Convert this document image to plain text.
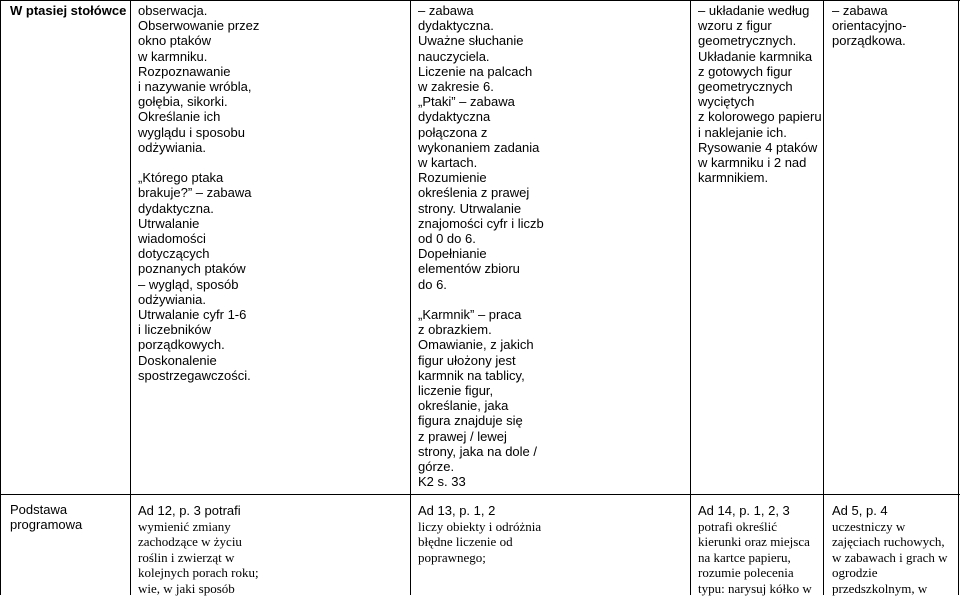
W ptasiej stołówce obserwacja.
Obserwowanie przez
okno ptaków
w karmniku.
Rozpoznawanie
i nazywanie wróbla,
gołębia, sikorki.
Określanie ich
wyglądu i sposobu
odżywiania.

„Którego ptaka
brakuje?” – zabawa
dydaktyczna.
Utrwalanie
wiadomości
dotyczących
poznanych ptaków
– wygląd, sposób
odżywiania.
Utrwalanie cyfr 1-6
i liczebników
porządkowych.
Doskonalenie
spostrzegawczości.
– zabawa
dydaktyczna.
Uważne słuchanie
nauczyciela.
Liczenie na palcach
w zakresie 6.
„Ptaki” – zabawa
dydaktyczna
połączona z
wykonaniem zadania
w kartach.
Rozumienie
określenia z prawej
strony. Utrwalanie
znajomości cyfr i liczb
od 0 do 6.
Dopełnianie
elementów zbioru
do 6.

„Karmnik” – praca
z obrazkiem.
Omawianie, z jakich
figur ułożony jest
karmnik na tablicy,
liczenie figur,
określanie, jaka
figura znajduje się
z prawej / lewej
strony, jaka na dole /
górze.
K2 s. 33
– układanie według
wzoru z figur
geometrycznych.
Układanie karmnika
z gotowych figur
geometrycznych
wyciętych
z kolorowego papieru
i naklejanie ich.
Rysowanie 4 ptaków
w karmniku i 2 nad
karmnikiem.
– zabawa
orientacyjno-
porządkowa.
Podstawa
programowa
Ad 12, p. 3 potrafi
wymienić zmiany
zachodzące w życiu
roślin i zwierząt w
kolejnych porach roku;
wie, w jaki sposób
Ad 13, p. 1, 2
liczy obiekty i odróżnia
błędne liczenie od
poprawnego;
Ad 14, p. 1, 2, 3
potrafi określić
kierunki oraz miejsca
na kartce papieru,
rozumie polecenia
typu: narysuj kółko w
Ad 5, p. 4
uczestniczy w
zajęciach ruchowych,
w zabawach i grach w
ogrodzie
przedszkolnym, w
